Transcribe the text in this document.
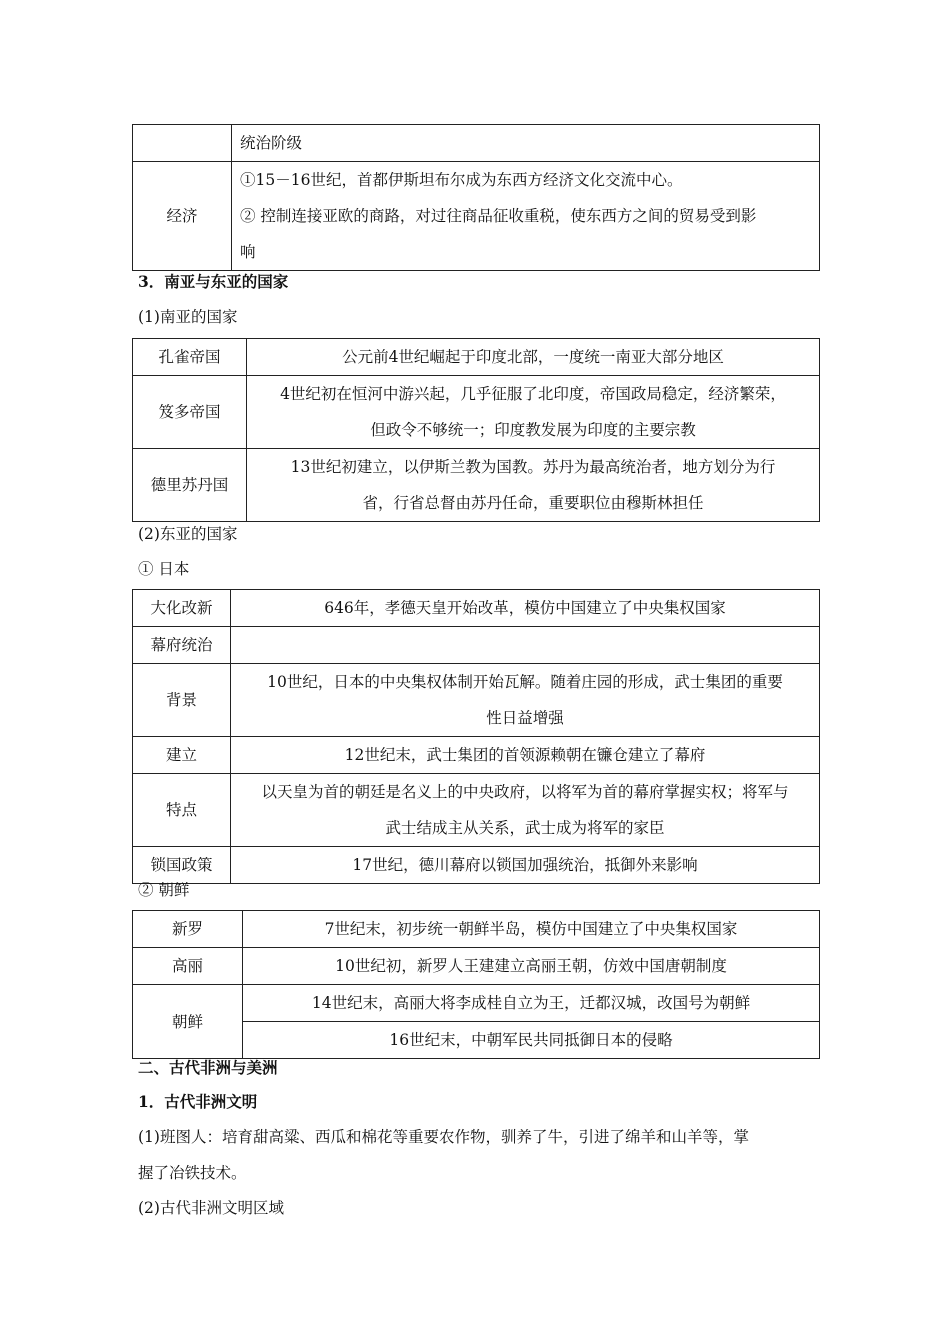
	统治阶级

经济	①15－16世纪，首都伊斯坦布尔成为东西方经济文化交流中心。
② 控制连接亚欧的商路，对过往商品征收重税，使东西方之间的贸易受到影
响
3．南亚与东亚的国家
(1)南亚的国家
孔雀帝国	公元前4世纪崛起于印度北部，一度统一南亚大部分地区

笈多帝国	4世纪初在恒河中游兴起，几乎征服了北印度，帝国政局稳定，经济繁荣，
但政令不够统一；印度教发展为印度的主要宗教

德里苏丹国	13世纪初建立，以伊斯兰教为国教。苏丹为最高统治者，地方划分为行
省，行省总督由苏丹任命，重要职位由穆斯林担任
(2)东亚的国家
① 日本
大化改新	646年，孝德天皇开始改革，模仿中国建立了中央集权国家

幕府统治	

背景	10世纪，日本的中央集权体制开始瓦解。随着庄园的形成，武士集团的重要
性日益增强

建立	12世纪末，武士集团的首领源赖朝在镰仓建立了幕府

特点	以天皇为首的朝廷是名义上的中央政府，以将军为首的幕府掌握实权；将军与
武士结成主从关系，武士成为将军的家臣

锁国政策	17世纪，德川幕府以锁国加强统治，抵御外来影响
② 朝鲜
新罗	7世纪末，初步统一朝鲜半岛，模仿中国建立了中央集权国家

高丽	10世纪初，新罗人王建建立高丽王朝，仿效中国唐朝制度

朝鲜	14世纪末，高丽大将李成桂自立为王，迁都汉城，改国号为朝鲜

	16世纪末，中朝军民共同抵御日本的侵略
二、古代非洲与美洲
1．古代非洲文明
(1)班图人：培育甜高粱、西瓜和棉花等重要农作物，驯养了牛，引进了绵羊和山羊等，掌
握了冶铁技术。
(2)古代非洲文明区域
